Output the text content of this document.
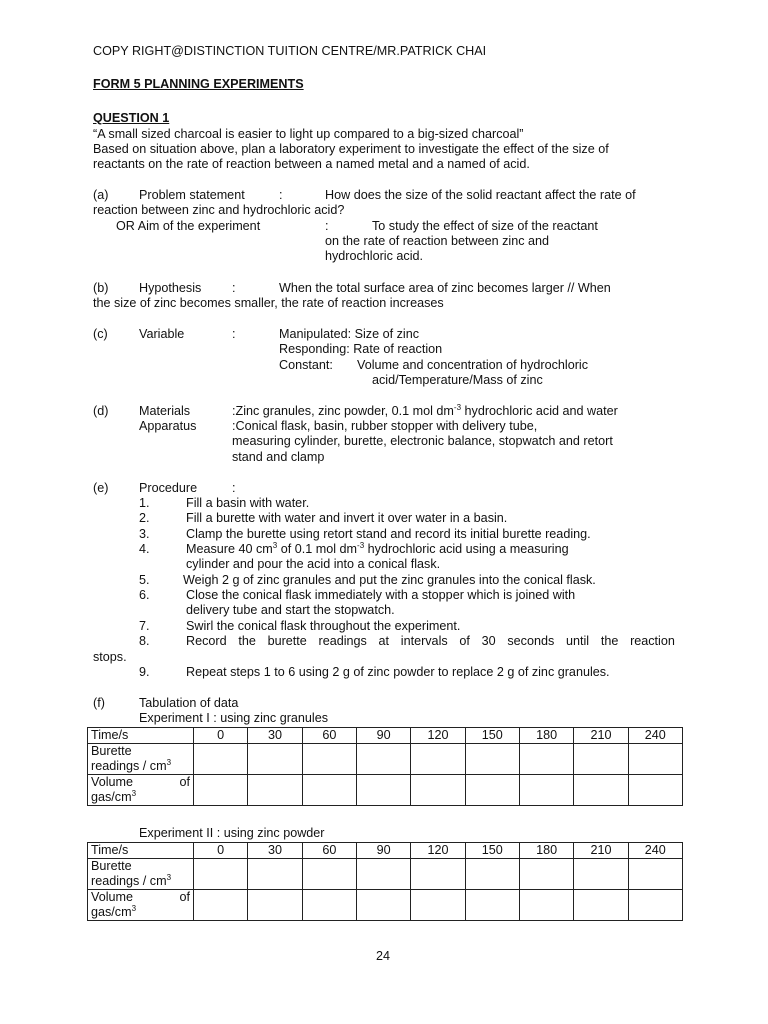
COPY RIGHT@DISTINCTION TUITION CENTRE/MR.PATRICK CHAI
FORM 5 PLANNING EXPERIMENTS
QUESTION 1
“A small sized charcoal is easier to light up compared to a big-sized charcoal”
Based on situation above, plan a laboratory experiment to investigate the effect of the size of
reactants on the rate of reaction between a named metal and a named of acid.
(a) Problem statement	:	How does the size of the solid reactant affect the rate of
reaction between zinc and hydrochloric acid?
OR Aim of the experiment	:	To study the effect of size of the reactant
on the rate of reaction between zinc and
hydrochloric acid.
(b) Hypothesis :	When the total surface area of zinc becomes larger // When
the size of zinc becomes smaller, the rate of reaction increases
(c) Variable	:	Manipulated: Size of zinc
Responding: Rate of reaction
Constant: Volume and concentration of hydrochloric
acid/Temperature/Mass of zinc
(d) Materials	:Zinc granules, zinc powder, 0.1 mol $dm^{-3}$ hydrochloric acid and water
Apparatus	:Conical flask, basin, rubber stopper with delivery tube,
measuring cylinder, burette, electronic balance, stopwatch and retort
stand and clamp
(e) Procedure	:
1.	Fill a basin with water.
2.	Fill a burette with water and invert it over water in a basin.
3.	Clamp the burette using retort stand and record its initial burette reading.
4.	Measure 40 $cm^3$ of 0.1 mol $dm^{-3}$ hydrochloric acid using a measuring
cylinder and pour the acid into a conical flask.
5.	Weigh 2 g of zinc granules and put the zinc granules into the conical flask.
6.	Close the conical flask immediately with a stopper which is joined with
delivery tube and start the stopwatch.
7.	Swirl the conical flask throughout the experiment.
8.	Record the burette readings at intervals of 30 seconds until the reaction
stops.
9.	Repeat steps 1 to 6 using 2 g of zinc powder to replace 2 g of zinc granules.
(f)	Tabulation of data
Experiment I : using zinc granules
Time/s	0	30	60	90	120	150	180	210	240
Burette
readings / $cm^3$									

Volume of
gas/$cm^3$									
Experiment II : using zinc powder
Time/s	0	30	60	90	120	150	180	210	240
Burette
readings / $cm^3$									

Volume of
gas/$cm^3$									
24
